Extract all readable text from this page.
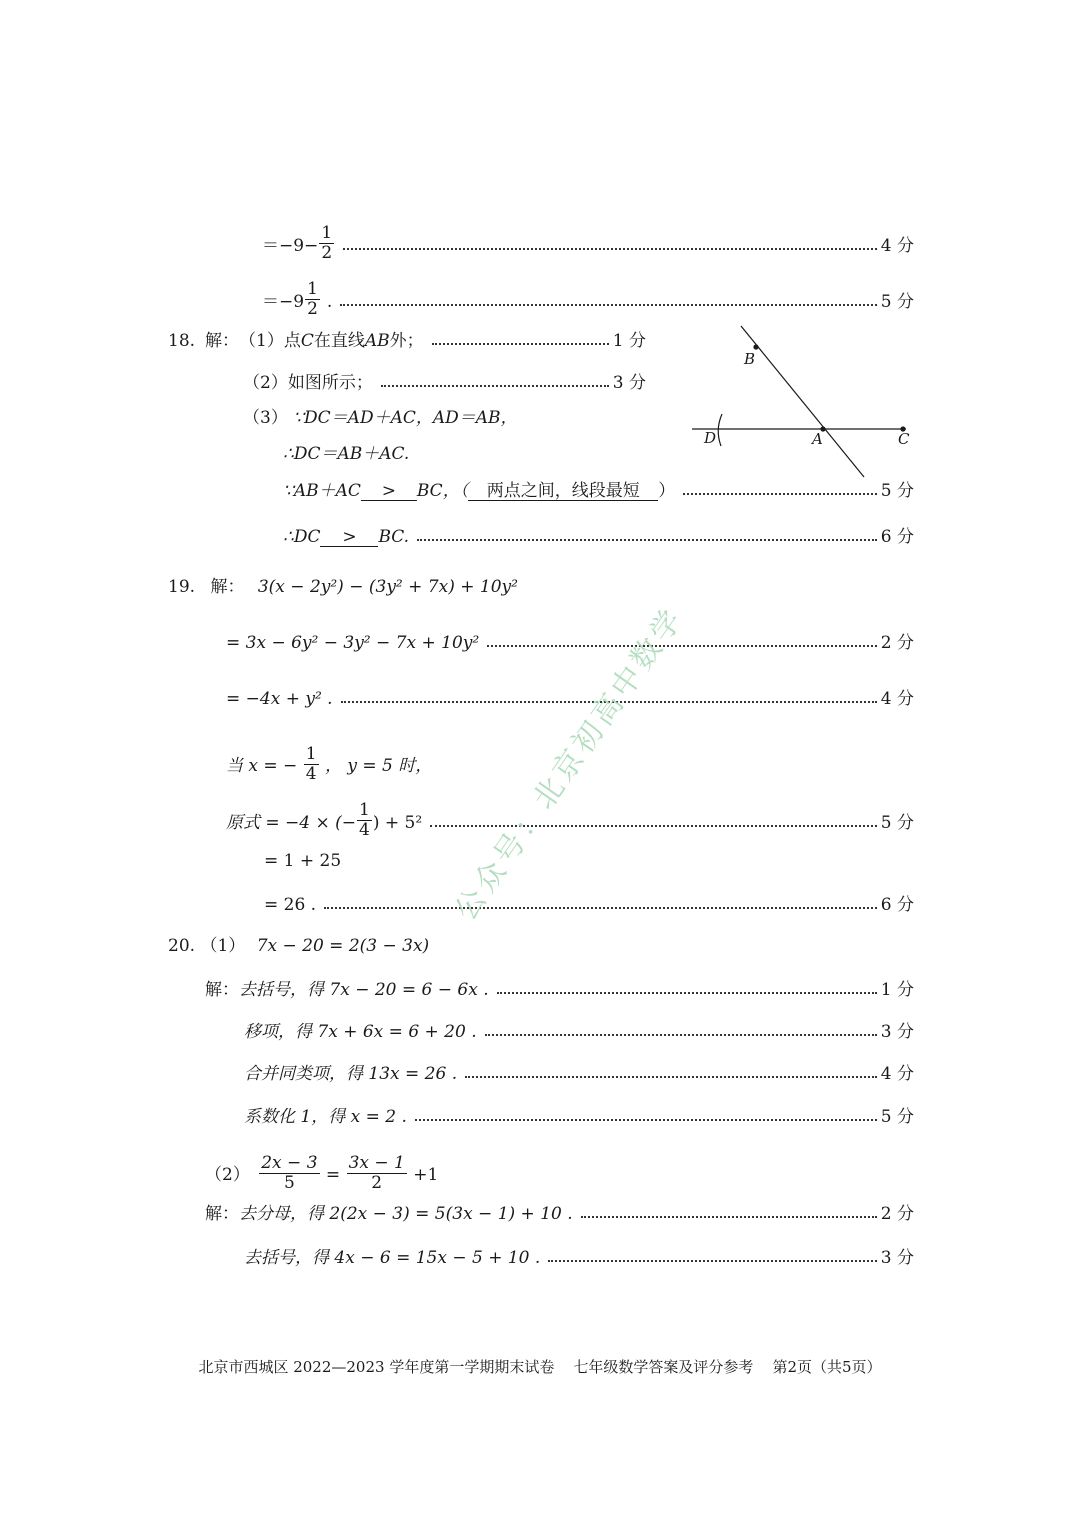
$=-9- \frac{1}{2}$	4 分
$=-9 \frac{1}{2}$ .	5 分
18. 解： （1） 点 C 在直线 AB 外；	1 分
（2） 如图所示；	3 分
（3） ∵DC＝AD＋AC，AD＝AB，
∴DC＝AB＋AC.
∵AB＋AC	>	BC，（	两点之间，线段最短	）	5 分
∴DC	>	BC.	6 分
B
D	A	C
19. 解： 3(x − 2y²) − (3y² + 7x) + 10y²
= 3x − 6y² − 3y² − 7x + 10y²	2 分
= −4x + y² .	4 分
当 x = − $\frac{1}{4}$ ， y = 5 时，
原式 = −4 × (− $\frac{1}{4}$ ) + 5²	5 分
= 1 + 25
= 26 .	6 分
20. （1） 7x − 20 = 2(3 − 3x)
解： 去括号，得 7x − 20 = 6 − 6x .	1 分
移项，得 7x + 6x = 6 + 20 .	3 分
合并同类项，得 13x = 26 .	4 分
系数化 1，得 x = 2 .	5 分
$(2) \frac{2x - 3}{5} = \frac{3x - 1}{2} +1$
解： 去分母，得 2(2x − 3) = 5(3x − 1) + 10 .	2 分
去括号，得 4x − 6 = 15x − 5 + 10 .	3 分
公众号：北京初高中数学
北京市西城区 2022—2023 学年度第一学期期末试卷    七年级数学答案及评分参考    第2页（共5页）
